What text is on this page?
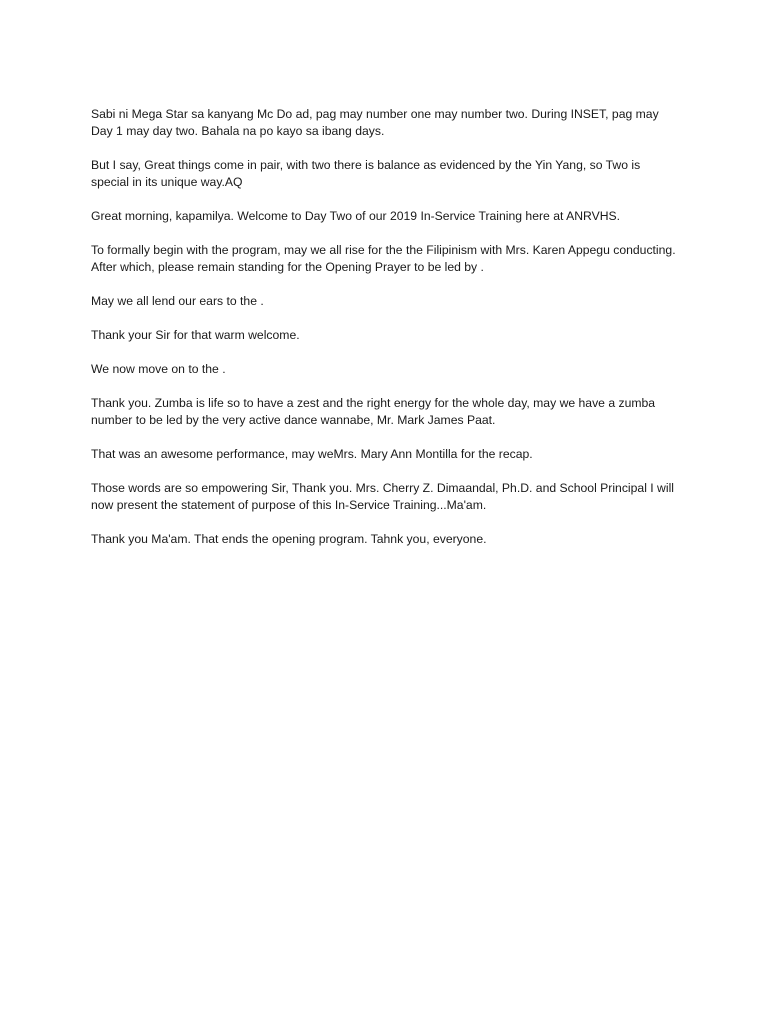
Sabi ni Mega Star sa kanyang Mc Do ad, pag may number one may number two. During INSET, pag may Day 1 may day two. Bahala na po kayo sa ibang days.

But I say, Great things come in pair, with two there is balance as evidenced by the Yin Yang, so Two is special in its unique way.AQ

Great morning, kapamilya. Welcome to Day Two of our 2019 In-Service Training here at ANRVHS.

To formally begin with the program, may we all rise for the the Filipinism with Mrs. Karen Appegu conducting. After which, please remain standing for the Opening Prayer to be led by .

May we all lend our ears to the .

Thank your Sir for that warm welcome.

We now move on to the .

Thank you. Zumba is life so to have a zest and the right energy for the whole day, may we have a zumba number to be led by the very active dance wannabe, Mr. Mark James Paat.

That was an awesome performance, may weMrs. Mary Ann Montilla for the recap.

Those words are so empowering Sir, Thank you. Mrs. Cherry Z. Dimaandal, Ph.D. and School Principal I will now present the statement of purpose of this In-Service Training...Ma'am.

Thank you Ma'am. That ends the opening program. Tahnk you, everyone.
